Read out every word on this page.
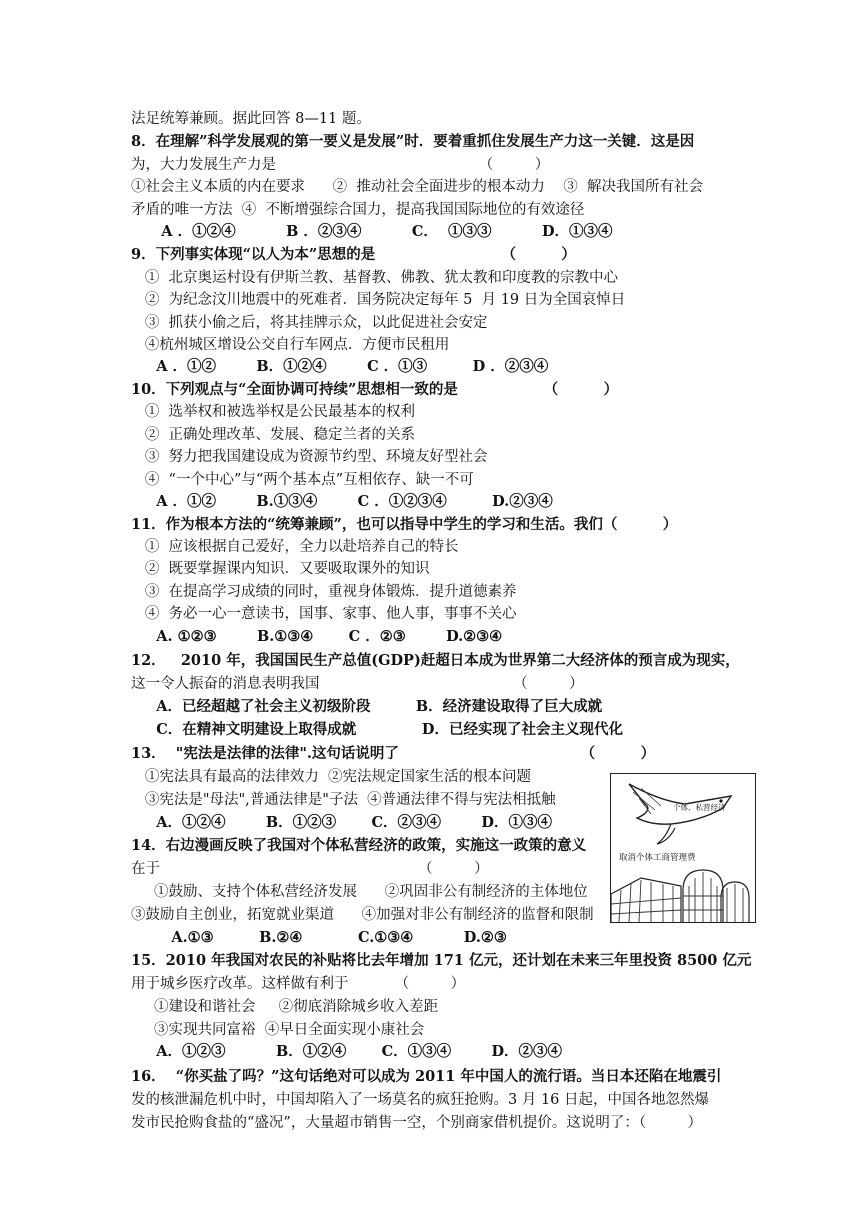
法足统筹兼顾。据此回答 8—11 题。
8．在理解”科学发展观的第一要义是发展”时．要着重抓住发展生产力这一关键．这是因
为，大力发展生产力是                                            （         ）
①社会主义本质的内在要求      ②  推动社会全面进步的根本动力    ③  解决我国所有社会
矛盾的唯一方法  ④  不断增强综合国力，提高我国国际地位的有效途径
A ．①②④          B ．②③④          C．  ①③③          D．①③④
9．下列事实体现“以人为本”思想的是                         （         ）
①  北京奥运村设有伊斯兰教、基督教、佛教、犹太教和印度教的宗教中心
②  为纪念汶川地震中的死难者．国务院决定每年 5  月 19 日为全国哀悼日
③  抓获小偷之后，将其挂牌示众，以此促进社会安定
④杭州城区增设公交自行车网点．方便市民租用
A ．①②        B．①②④        C ．①③         D ．②③④
10．下列观点与“全面协调可持续”思想相一致的是                 （         ）
①  选举权和被选举权是公民最基本的权利
②  正确处理改革、发展、稳定兰者的关系
③  努力把我国建设成为资源节约型、环境友好型社会
④  “一个中心”与“两个基本点”互相依存、缺一不可
A ．①②        B.①③④        C ．①②③④         D.②③④
11．作为根本方法的“统筹兼顾”，也可以指导中学生的学习和生活。我们（         ）
①  应该根据自己爱好，全力以赴培养自己的特长
②  既要掌握课内知识．又要吸取课外的知识
③  在提高学习成绩的同时，重视身体锻炼．提升道德素养
④  务必一心一意读书，国事、家事、他人事，事事不关心
A. ①②③        B.①③④       C ．②③        D.②③④
12．   2010 年，我国国民生产总值(GDP)赶超日本成为世界第二大经济体的预言成为现实，
这一令人振奋的消息表明我国                                          （         ）
A．已经超越了社会主义初级阶段         B．经济建设取得了巨大成就
C．在精神文明建设上取得成就             D．已经实现了社会主义现代化
13．  "宪法是法律的法律".这句话说明了                                    （         ）
①宪法具有最高的法律效力  ②宪法规定国家生活的根本问题
③宪法是"母法",普通法律是"子法  ④普通法律不得与宪法相抵触
A．①②④        B．①②③       C．②③④        D．①③④
14．右边漫画反映了我国对个体私营经济的政策，实施这一政策的意义
在于                                                        （         ）
①鼓励、支持个体私营经济发展      ②巩固非公有制经济的主体地位
③鼓励自主创业，拓宽就业渠道      ④加强对非公有制经济的监督和限制
A.①③         B.②④           C.①③④          D.②③
15．2010 年我国对农民的补贴将比去年增加 171 亿元，还计划在未来三年里投资 8500 亿元
用于城乡医疗改革。这样做有利于          （         ）
①建设和谐社会     ②彻底消除城乡收入差距
③实现共同富裕  ④早日全面实现小康社会
A．①②③          B．①②④       C．①③④        D．②③④
16．  “你买盐了吗？”这句话绝对可以成为 2011 年中国人的流行语。当日本还陷在地震引
发的核泄漏危机中时，中国却陷入了一场莫名的疯狂抢购。3 月 16 日起，中国各地忽然爆
发市民抢购食盐的“盛况”，大量超市销售一空，个别商家借机提价。这说明了：（         ）
个体、私营经济
取消个体工商管理费
